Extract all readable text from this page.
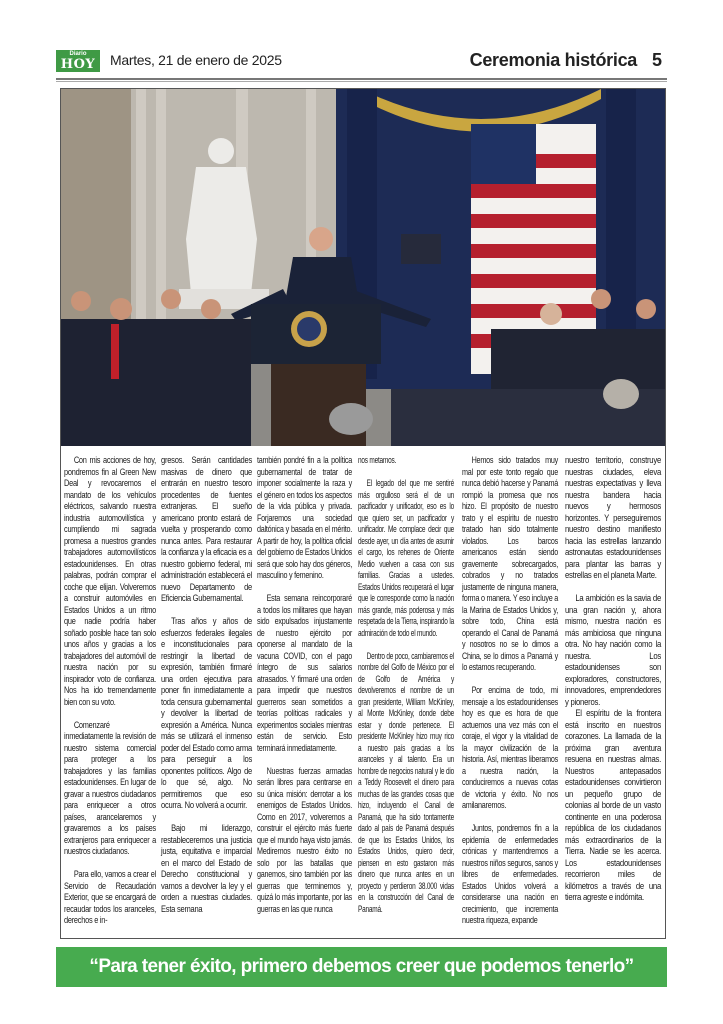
Diario
HOY	Martes, 21 de enero de 2025	Ceremonia histórica 5

Con mis acciones de hoy, pondremos fin al Green New Deal y revocaremos el mandato de los vehículos eléctricos, salvando nuestra industria automovilística y cumpliendo mi sagrada promesa a nuestros grandes trabajadores automovilísticos estadounidenses. En otras palabras, podrán comprar el coche que elijan. Volveremos a construir automóviles en Estados Unidos a un ritmo que nadie podría haber soñado posible hace tan solo unos años y gracias a los trabajadores del automóvil de nuestra nación por su inspirador voto de confianza. Nos ha ido tremendamente bien con su voto.

Comenzaré inmediatamente la revisión de nuestro sistema comercial para proteger a los trabajadores y las familias estadounidenses. En lugar de gravar a nuestros ciudadanos para enriquecer a otros países, arancelaremos y gravaremos a los países extranjeros para enriquecer a nuestros ciudadanos.

Para ello, vamos a crear el Servicio de Recaudación Exterior, que se encargará de recaudar todos los aranceles, derechos e in-

gresos. Serán cantidades masivas de dinero que entrarán en nuestro tesoro procedentes de fuentes extranjeras. El sueño americano pronto estará de vuelta y prosperando como nunca antes. Para restaurar la confianza y la eficacia es a nuestro gobierno federal, mi administración establecerá el nuevo Departamento de Eficiencia Gubernamental.

Tras años y años de esfuerzos federales ilegales e inconstitucionales para restringir la libertad de expresión, también firmaré una orden ejecutiva para poner fin inmediatamente a toda censura gubernamental y devolver la libertad de expresión a América. Nunca más se utilizará el inmenso poder del Estado como arma para perseguir a los oponentes políticos. Algo de lo que sé, algo. No permitiremos que eso ocurra. No volverá a ocurrir.

Bajo mi liderazgo, restableceremos una justicia justa, equitativa e imparcial en el marco del Estado de Derecho constitucional y vamos a devolver la ley y el orden a nuestras ciudades. Esta semana

también pondré fin a la política gubernamental de tratar de imponer socialmente la raza y el género en todos los aspectos de la vida pública y privada. Forjaremos una sociedad daltónica y basada en el mérito. A partir de hoy, la política oficial del gobierno de Estados Unidos será que solo hay dos géneros, masculino y femenino.

Esta semana reincorporaré a todos los militares que hayan sido expulsados injustamente de nuestro ejército por oponerse al mandato de la vacuna COVID, con el pago íntegro de sus salarios atrasados. Y firmaré una orden para impedir que nuestros guerreros sean sometidos a teorías políticas radicales y experimentos sociales mientras están de servicio. Esto terminará inmediatamente.

Nuestras fuerzas armadas serán libres para centrarse en su única misión: derrotar a los enemigos de Estados Unidos. Como en 2017, volveremos a construir el ejército más fuerte que el mundo haya visto jamás. Mediremos nuestro éxito no solo por las batallas que ganemos, sino también por las guerras que terminemos y, quizá lo más importante, por las guerras en las que nunca

nos metamos.

El legado del que me sentiré más orgulloso será el de un pacificador y unificador, eso es lo que quiero ser, un pacificador y unificador. Me complace decir que desde ayer, un día antes de asumir el cargo, los rehenes de Oriente Medio vuelven a casa con sus familias. Gracias a ustedes. Estados Unidos recuperará el lugar que le corresponde como la nación más grande, más poderosa y más respetada de la Tierra, inspirando la admiración de todo el mundo.

Dentro de poco, cambiaremos el nombre del Golfo de México por el de Golfo de América y devolveremos el nombre de un gran presidente, William McKinley, al Monte McKinley, donde debe estar y donde pertenece. El presidente McKinley hizo muy rico a nuestro país gracias a los aranceles y al talento. Era un hombre de negocios natural y le dio a Teddy Roosevelt el dinero para muchas de las grandes cosas que hizo, incluyendo el Canal de Panamá, que ha sido tontamente dado al país de Panamá después de que los Estados Unidos, los Estados Unidos, quiero decir, piensen en esto gastaron más dinero que nunca antes en un proyecto y perdieron 38.000 vidas en la construcción del Canal de Panamá.

Hemos sido tratados muy mal por este tonto regalo que nunca debió hacerse y Panamá rompió la promesa que nos hizo. El propósito de nuestro trato y el espíritu de nuestro tratado han sido totalmente violados. Los barcos americanos están siendo gravemente sobrecargados, cobrados y no tratados justamente de ninguna manera, forma o manera. Y eso incluye a la Marina de Estados Unidos y, sobre todo, China está operando el Canal de Panamá y nosotros no se lo dimos a China, se lo dimos a Panamá y lo estamos recuperando.

Por encima de todo, mi mensaje a los estadounidenses hoy es que es hora de que actuemos una vez más con el coraje, el vigor y la vitalidad de la mayor civilización de la historia. Así, mientras liberamos a nuestra nación, la conduciremos a nuevas cotas de victoria y éxito. No nos amilanaremos.

Juntos, pondremos fin a la epidemia de enfermedades crónicas y mantendremos a nuestros niños seguros, sanos y libres de enfermedades. Estados Unidos volverá a considerarse una nación en crecimiento, que incrementa nuestra riqueza, expande

nuestro territorio, construye nuestras ciudades, eleva nuestras expectativas y lleva nuestra bandera hacia nuevos y hermosos horizontes. Y perseguiremos nuestro destino manifiesto hacia las estrellas lanzando astronautas estadounidenses para plantar las barras y estrellas en el planeta Marte.

La ambición es la savia de una gran nación y, ahora mismo, nuestra nación es más ambiciosa que ninguna otra. No hay nación como la nuestra. Los estadounidenses son exploradores, constructores, innovadores, emprendedores y pioneros.

El espíritu de la frontera está inscrito en nuestros corazones. La llamada de la próxima gran aventura resuena en nuestras almas. Nuestros antepasados estadounidenses convirtieron un pequeño grupo de colonias al borde de un vasto continente en una poderosa república de los ciudadanos más extraordinarios de la Tierra. Nadie se les acerca. Los estadounidenses recorrieron miles de kilómetros a través de una tierra agreste e indómita.

“Para tener éxito, primero debemos creer que podemos tenerlo”
